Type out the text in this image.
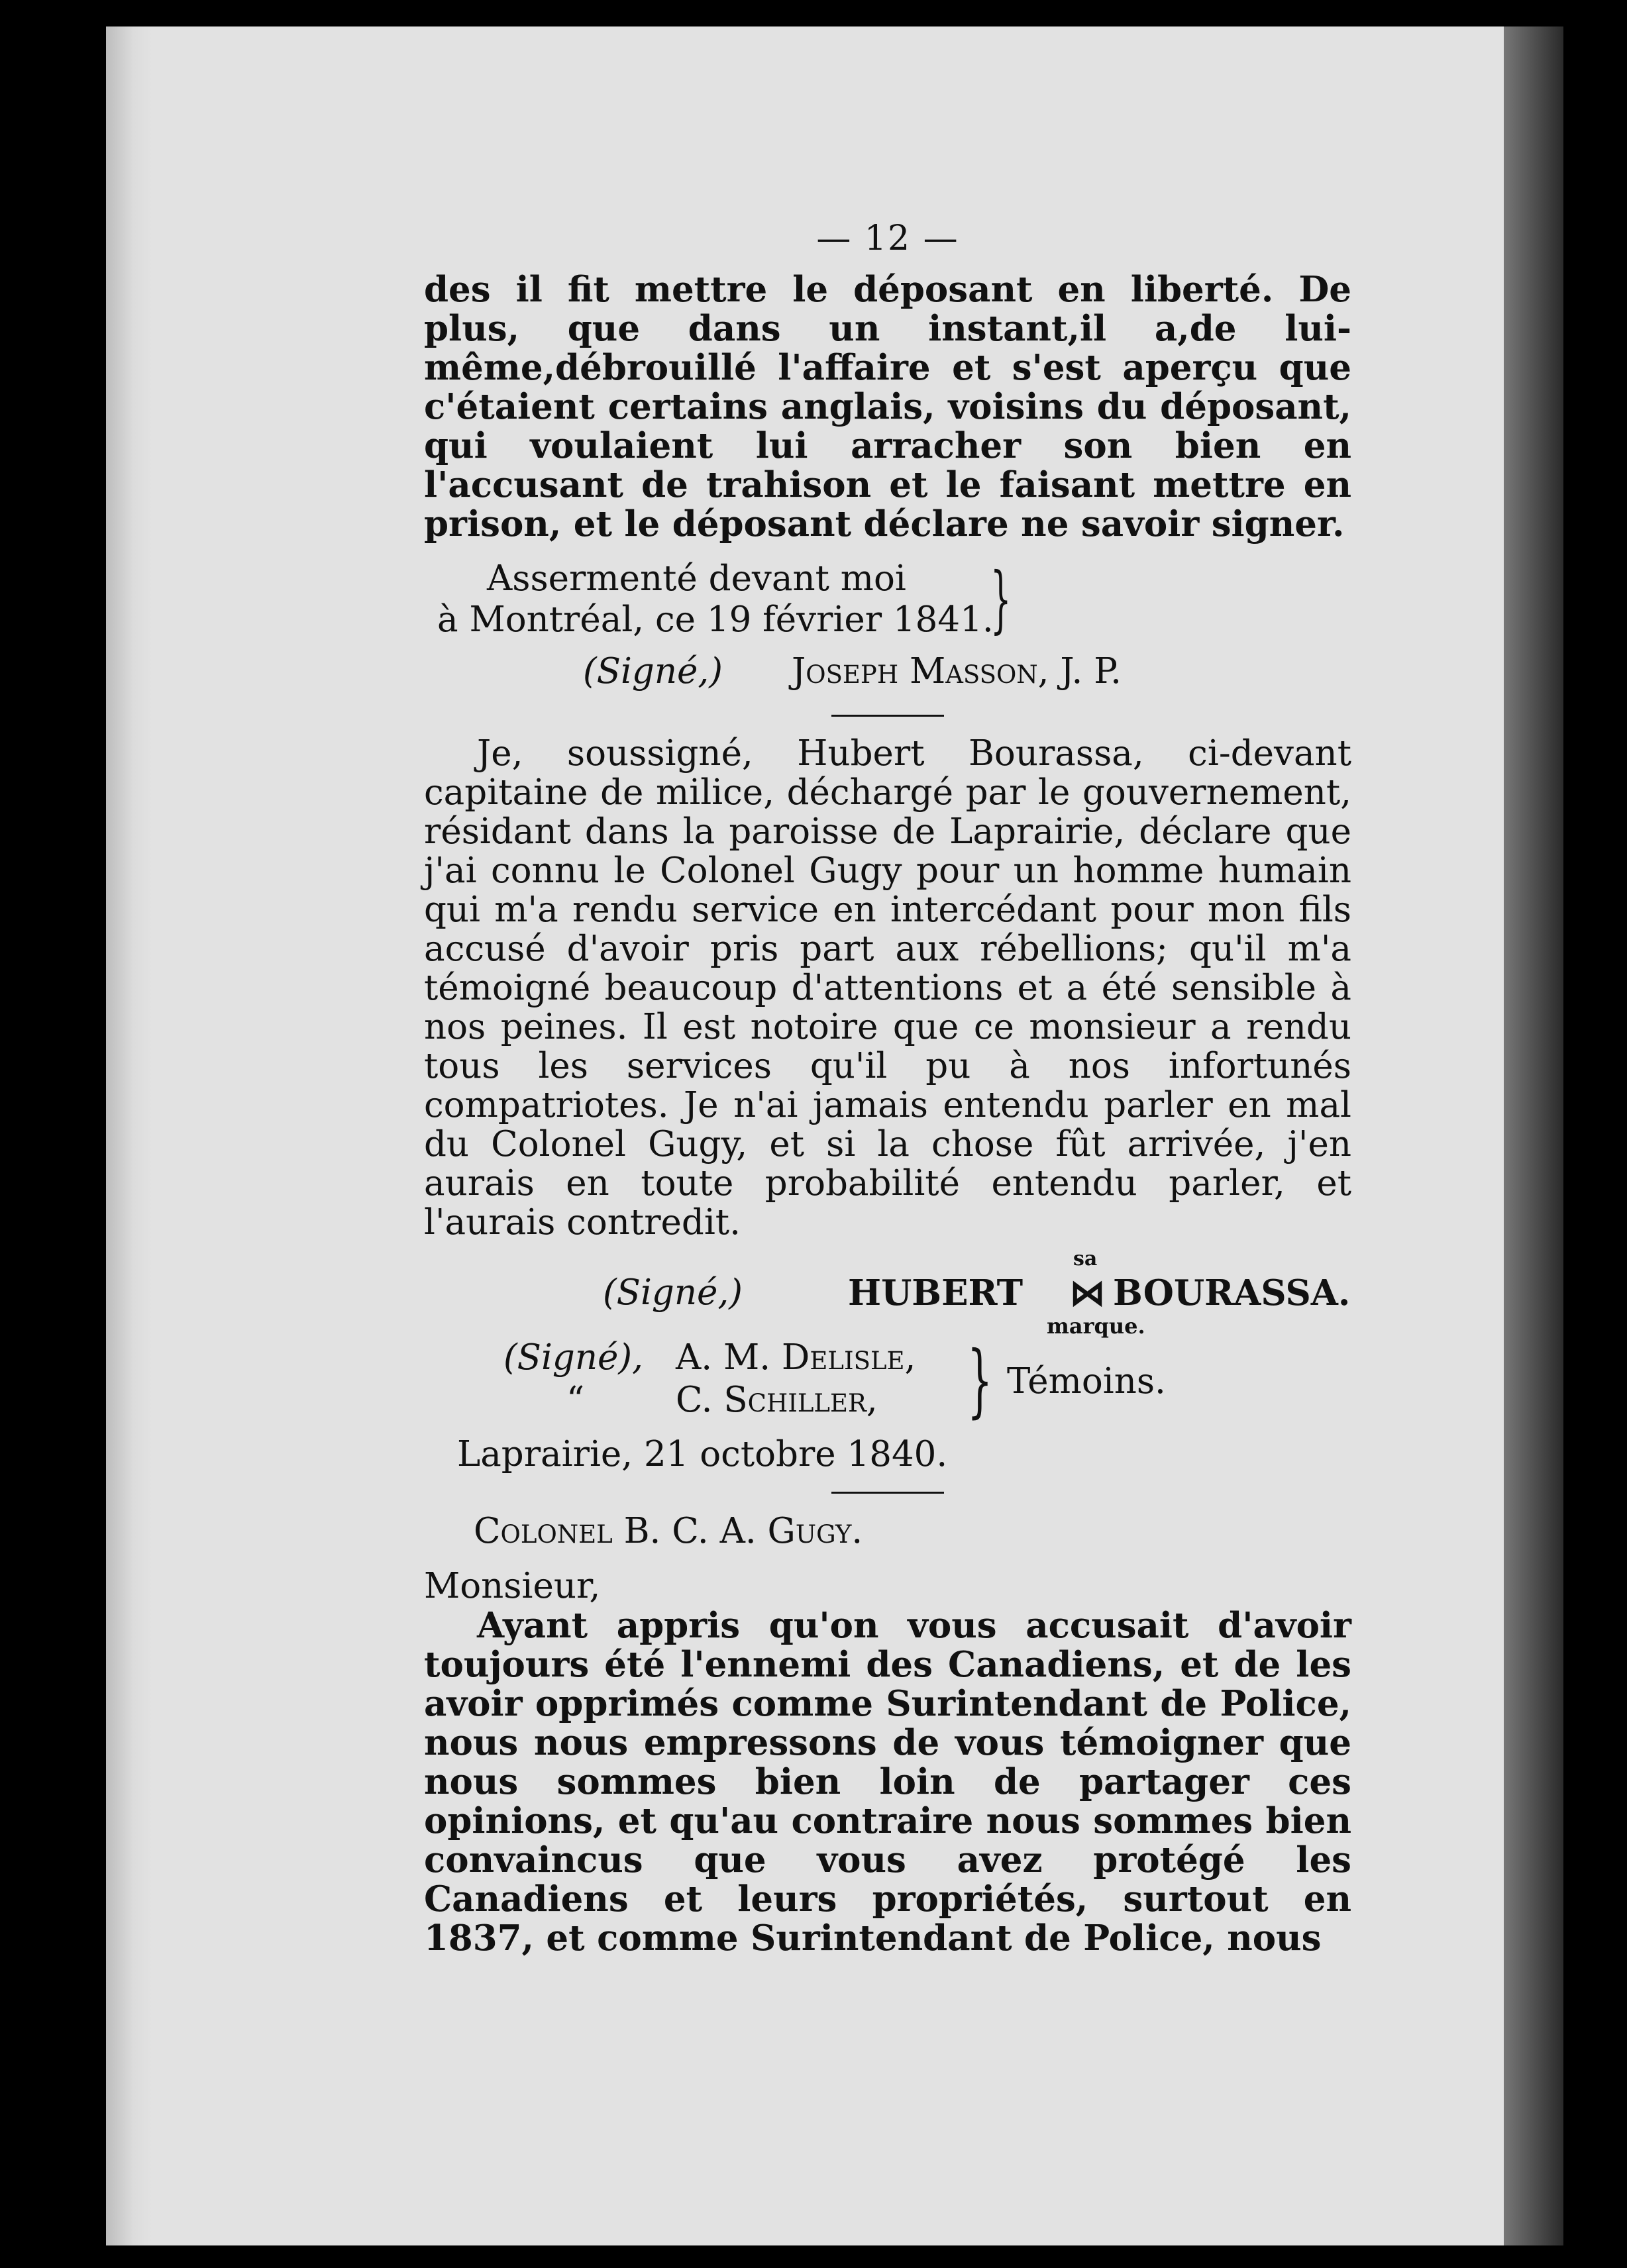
— 12 —

des il fit mettre le déposant en liberté. De plus, que dans un instant,il a,de lui-même,débrouillé l'affaire et s'est aperçu que c'étaient certains anglais, voisins du déposant, qui voulaient lui arracher son bien en l'accusant de trahison et le faisant mettre en prison, et le déposant déclare ne savoir signer.

Assermenté devant moi
à Montréal, ce 19 février 1841.
}
(Signé,) Joseph Masson, J. P.

Je, soussigné, Hubert Bourassa, ci-devant capitaine de milice, déchargé par le gouvernement, résidant dans la paroisse de Laprairie, déclare que j'ai connu le Colonel Gugy pour un homme humain qui m'a rendu service en intercédant pour mon fils accusé d'avoir pris part aux rébellions; qu'il m'a témoigné beaucoup d'attentions et a été sensible à nos peines. Il est notoire que ce monsieur a rendu tous les services qu'il pu à nos infortunés compatriotes. Je n'ai jamais entendu parler en mal du Colonel Gugy, et si la chose fût arrivée, j'en aurais en toute probabilité entendu parler, et l'aurais contredit.

(Signé,)
sa
HUBERT ⋈ BOURASSA.
marque.
(Signé), A. M. Delisle,
“	C. Schiller, } Témoins.
Laprairie, 21 octobre 1840.
Colonel B. C. A. Gugy.
Monsieur,

Ayant appris qu'on vous accusait d'avoir toujours été l'ennemi des Canadiens, et de les avoir opprimés comme Surintendant de Police, nous nous empressons de vous témoigner que nous sommes bien loin de partager ces opinions, et qu'au contraire nous sommes bien convaincus que vous avez protégé les Canadiens et leurs propriétés, surtout en 1837, et comme Surintendant de Police, nous
